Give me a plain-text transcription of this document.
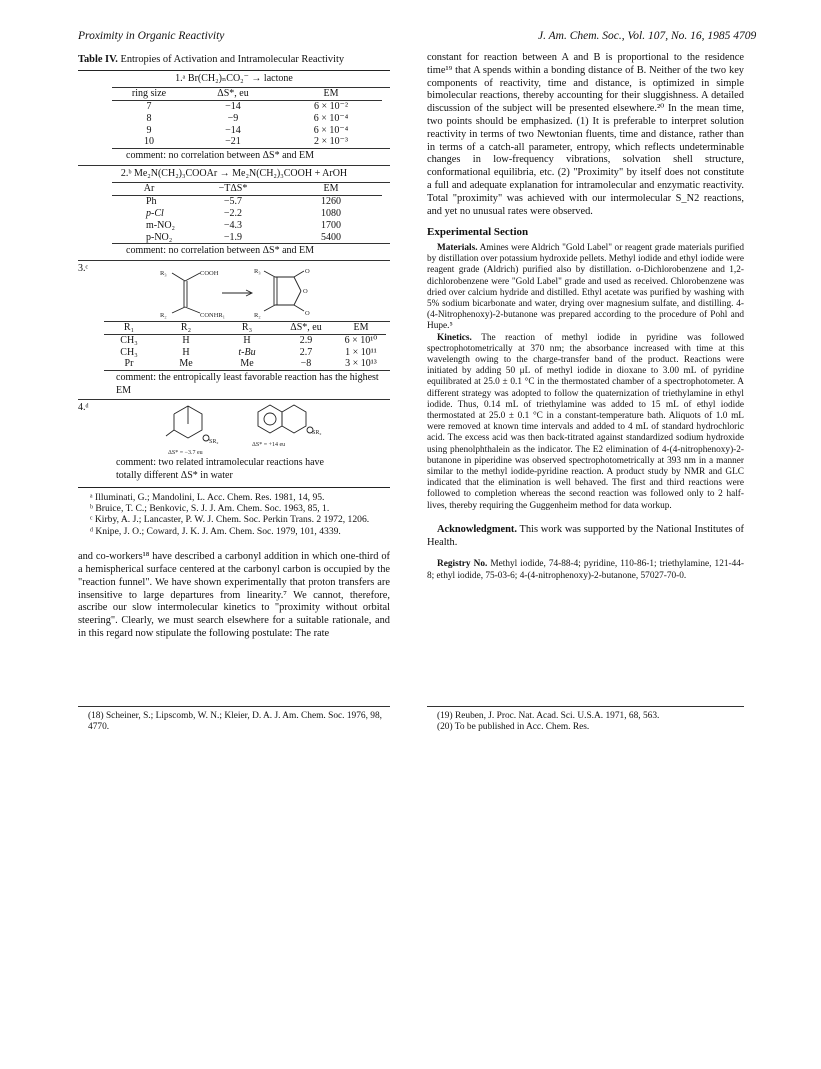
Proximity in Organic Reactivity	J. Am. Chem. Soc., Vol. 107, No. 16, 1985 4709
Table IV. Entropies of Activation and Intramolecular Reactivity
1.ᵃ Br(CH₂)ₙCO₂⁻ → lactone
ring size	ΔS*, eu	EM

7	−14	6 × 10⁻²
8	−9	6 × 10⁻⁴
9	−14	6 × 10⁻⁴
10	−21	2 × 10⁻³
comment: no correlation between ΔS* and EM
2.ᵇ Me₂N(CH₂)₃COOAr → Me₂N(CH₂)₃COOH + ArOH
Ar	−TΔS*	EM

Ph	−5.7	1260
p-Cl	−2.2	1080
m-NO₂	−4.3	1700
p-NO₂	−1.9	5400
comment: no correlation between ΔS* and EM
3.ᶜ	R₃	COOH
R₂	CONHR₁
R₃
R₂
O
O
O
R₁	R₂	R₃	ΔS*, eu	EM

CH₃	H	H	2.9	6 × 10¹⁰
CH₃	H	t-Bu	2.7	1 × 10¹¹
Pr	Me	Me	−8	3 × 10¹³
comment: the entropically least favorable reaction has the highest EM
4.ᵈ
SR₂
SR₂
ΔS* = −3.7 eu
ΔS* = +14 eu
comment: two related intramolecular reactions have totally different ΔS* in water
ᵃ Illuminati, G.; Mandolini, L. Acc. Chem. Res. 1981, 14, 95.
ᵇ Bruice, T. C.; Benkovic, S. J. J. Am. Chem. Soc. 1963, 85, 1.
ᶜ Kirby, A. J.; Lancaster, P. W. J. Chem. Soc. Perkin Trans. 2 1972, 1206.
ᵈ Knipe, J. O.; Coward, J. K. J. Am. Chem. Soc. 1979, 101, 4339.

and co-workers¹⁸ have described a carbonyl addition in which one-third of a hemispherical surface centered at the carbonyl carbon is occupied by the "reaction funnel". We have shown experimentally that proton transfers are insensitive to large departures from linearity.⁷ We cannot, therefore, ascribe our slow intermolecular kinetics to "proximity without orbital steering". Clearly, we must search elsewhere for a suitable rationale, and in this regard now stipulate the following postulate: The rate

constant for reaction between A and B is proportional to the residence time¹⁹ that A spends within a bonding distance of B. Neither of the two key components of reactivity, time and distance, is optimized in simple bimolecular reactions, thereby accounting for their sluggishness. A detailed discussion of the subject will be presented elsewhere.²⁰ In the mean time, two points should be emphasized. (1) It is preferable to interpret solution reactivity in terms of two Newtonian fluents, time and distance, rather than in terms of a catch-all parameter, entropy, which reflects undeterminable changes in low-frequency vibrations, solvation shell structure, conformational equilibria, etc. (2) "Proximity" by itself does not constitute a full and adequate explanation for intramolecular and enzymatic reactivity. Total "proximity" was achieved with our intermolecular S_N2 reactions, and yet no unusual rates were observed.

Experimental Section

Materials. Amines were Aldrich "Gold Label" or reagent grade materials purified by distillation over potassium hydroxide pellets. Methyl iodide and ethyl iodide were reagent grade (Aldrich) purified also by distillation. o-Dichlorobenzene and 1,2-dichlorobenzene were "Gold Label" grade and used as received. Chlorobenzene was dried over calcium hydride and distilled. Ethyl acetate was purified by washing with 5% sodium bicarbonate and water, drying over magnesium sulfate, and distilling. 4-(4-Nitrophenoxy)-2-butanone was prepared according to the procedure of Pohl and Hupe.⁵

Kinetics. The reaction of methyl iodide in pyridine was followed spectrophotometrically at 370 nm; the absorbance increased with time at this wavelength owing to the charge-transfer band of the product. Reactions were initiated by adding 50 μL of methyl iodide in dioxane to 3.00 mL of pyridine equilibrated at 25.0 ± 0.1 °C in the thermostated chamber of a spectrophotometer. A different strategy was adopted to follow the quaternization of triethylamine in ethyl iodide. Thus, 0.14 mL of triethylamine was added to 15 mL of ethyl iodide thermostated at 25.0 ± 0.1 °C in a constant-temperature bath. Aliquots of 1.0 mL were removed at known time intervals and added to 4 mL of standard hydrochloric acid. The excess acid was then back-titrated against standardized sodium hydroxide using phenolphthalein as the indicator. The E2 elimination of 4-(4-nitrophenoxy)-2-butanone in piperidine was observed spectrophotometrically at 393 nm in a manner similar to the methyl iodide-pyridine reaction. A product study by NMR and GLC indicated that the elimination is well behaved. The first and third reactions were followed to completion whereas the second reaction was followed only to 2 half-lives, thereby requiring the Guggenheim method for data workup.

Acknowledgment. This work was supported by the National Institutes of Health.

Registry No. Methyl iodide, 74-88-4; pyridine, 110-86-1; triethylamine, 121-44-8; ethyl iodide, 75-03-6; 4-(4-nitrophenoxy)-2-butanone, 57027-70-0.

(18) Scheiner, S.; Lipscomb, W. N.; Kleier, D. A. J. Am. Chem. Soc. 1976, 98, 4770.
(19) Reuben, J. Proc. Nat. Acad. Sci. U.S.A. 1971, 68, 563.
(20) To be published in Acc. Chem. Res.
